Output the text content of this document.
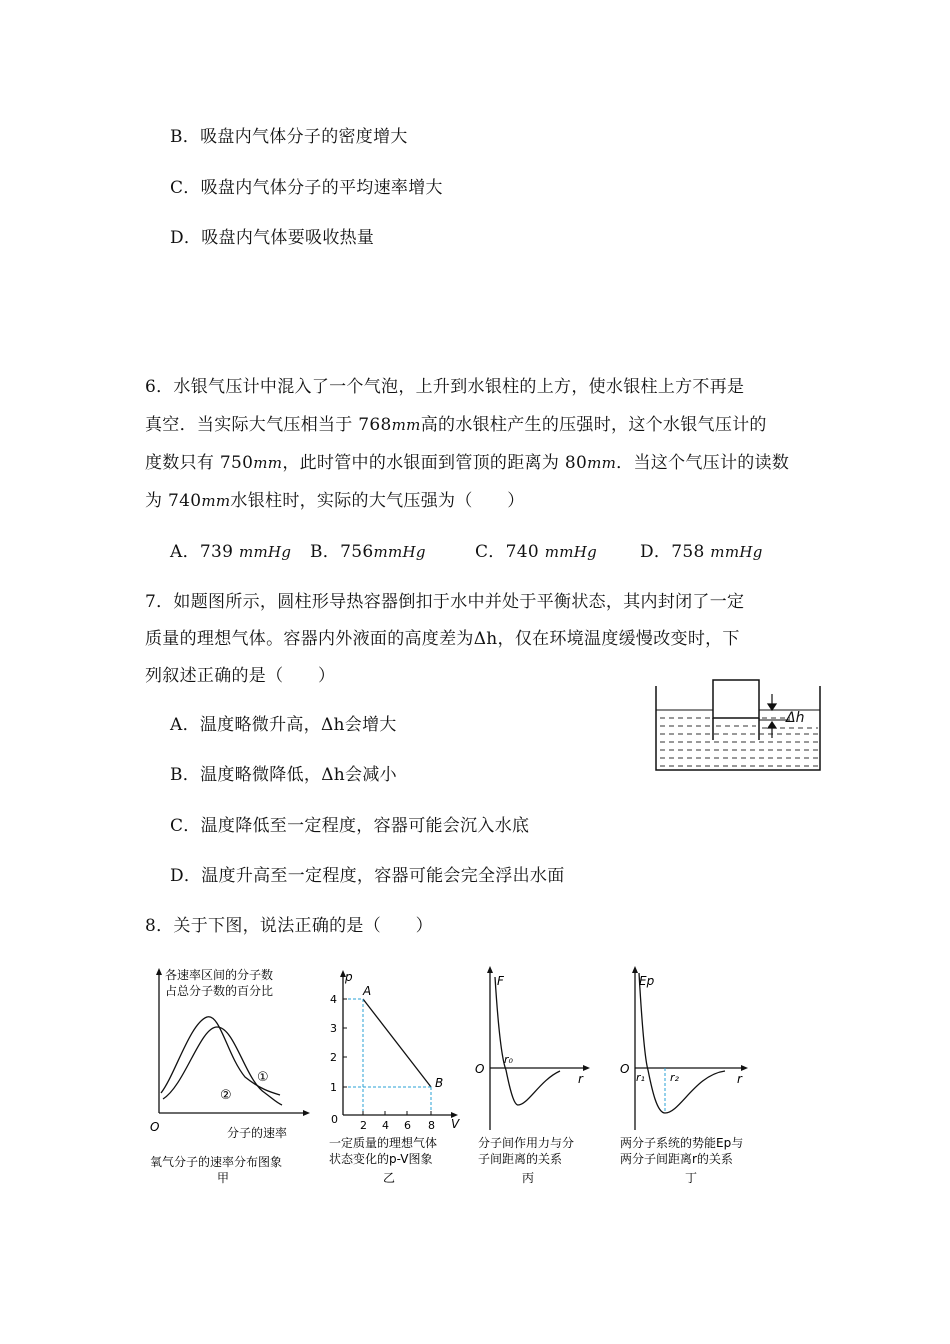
B．吸盘内气体分子的密度增大
C．吸盘内气体分子的平均速率增大
D．吸盘内气体要吸收热量
6．水银气压计中混入了一个气泡，上升到水银柱的上方，使水银柱上方不再是
真空．当实际大气压相当于 768mm高的水银柱产生的压强时，这个水银气压计的
度数只有 750mm，此时管中的水银面到管顶的距离为 80mm．当这个气压计的读数
为 740mm水银柱时，实际的大气压强为（　　）
A．739 mmHg B．756mmHg	C．740 mmHg	D．758 mmHg
7．如题图所示，圆柱形导热容器倒扣于水中并处于平衡状态，其内封闭了一定
质量的理想气体。容器内外液面的高度差为Δh，仅在环境温度缓慢改变时，下
列叙述正确的是（　　）
A．温度略微升高，Δh会增大
B．温度略微降低，Δh会减小
C．温度降低至一定程度，容器可能会沉入水底
D．温度升高至一定程度，容器可能会完全浮出水面
Δh
8．关于下图，说法正确的是（　　）
各速率区间的分子数
占总分子数的百分比
①
②
O	分子的速率
氧气分子的速率分布图象
甲
p
V
A
B
4
3
2
1
0 2 4 6 8
一定质量的理想气体
状态变化的p-V图象
乙
F
O
r₀
r
分子间作用力与分
子间距离的关系
丙
Ep
O
r₁ r₂	r
两分子系统的势能Ep与
两分子间距离r的关系
丁
